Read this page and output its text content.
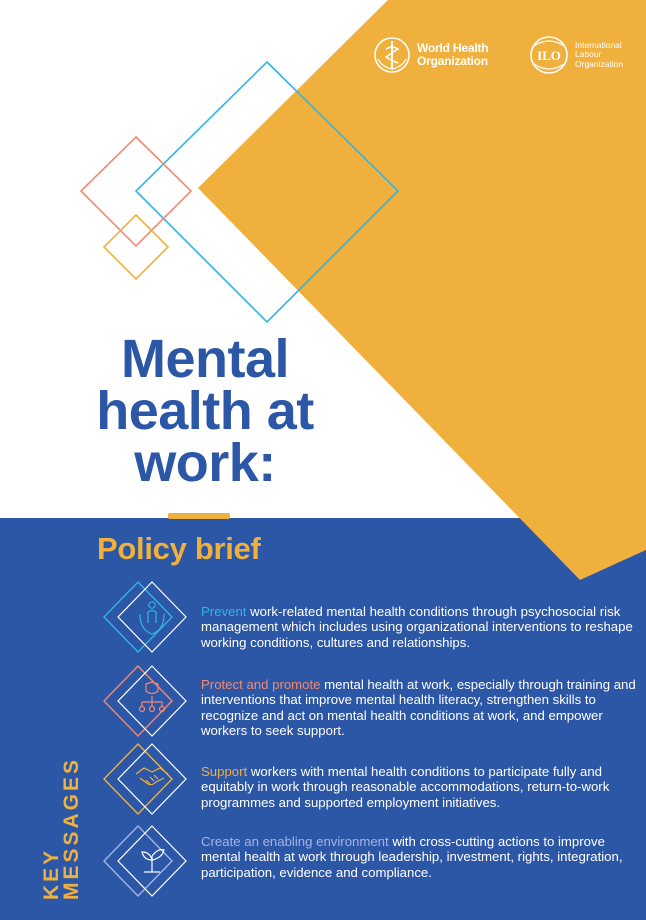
World Health
Organization	ILO
International
Labour
Organization
Mental
health at
work:
Policy brief
KEY
MESSAGES
Prevent work-related mental health conditions through psychosocial risk management which includes using organizational interventions to reshape working conditions, cultures and relationships.
Protect and promote mental health at work, especially through training and interventions that improve mental health literacy, strengthen skills to recognize and act on mental health conditions at work, and empower workers to seek support.
Support workers with mental health conditions to participate fully and equitably in work through reasonable accommodations, return-to-work programmes and supported employment initiatives.
Create an enabling environment with cross-cutting actions to improve mental health at work through leadership, investment, rights, integration, participation, evidence and compliance.
